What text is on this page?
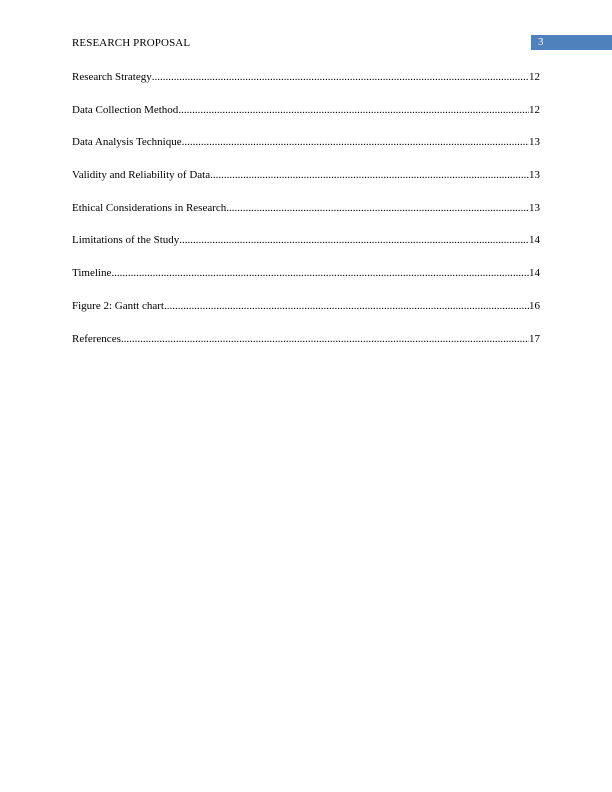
RESEARCH PROPOSAL	3
Research Strategy .....	12
Data Collection Method .....	12
Data Analysis Technique .....	13
Validity and Reliability of Data .....	13
Ethical Considerations in Research .....	13
Limitations of the Study .....	14
Timeline .....	14
Figure 2: Gantt chart .....	16
References .....	17
